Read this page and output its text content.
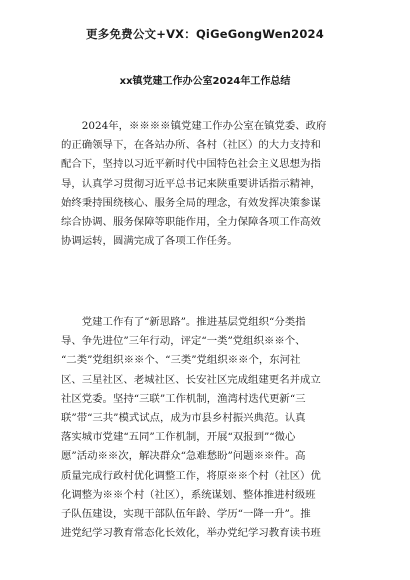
更多免费公文+VX：QiGeGongWen2024
xx镇党建工作办公室2024年工作总结
　　2024年，※※※※镇党建工作办公室在镇党委、政府
的正确领导下，在各站办所、各村（社区）的大力支持和
配合下，坚持以习近平新时代中国特色社会主义思想为指
导，认真学习贯彻习近平总书记来陕重要讲话指示精神，
始终秉持围绕核心、服务全局的理念，有效发挥决策参谋
综合协调、服务保障等职能作用，全力保障各项工作高效
协调运转，圆满完成了各项工作任务。
　　党建工作有了“新思路”。推进基层党组织“分类指
导、争先进位”三年行动，评定“一类”党组织※※个、
“二类”党组织※※个、“三类”党组织※※个，东河社
区、三星社区、老城社区、长安社区完成组建更名并成立
社区党委。坚持“三联”工作机制，渔湾村迭代更新“三
联”带“三共”模式试点，成为市县乡村振兴典范。认真
落实城市党建“五同”工作机制，开展“双报到”“微心
愿”活动※※次，解决群众“急难愁盼”问题※※件。高
质量完成行政村优化调整工作，将原※※个村（社区）优
化调整为※※个村（社区），系统谋划、整体推进村级班
子队伍建设，实现干部队伍年龄、学历“一降一升”。推
进党纪学习教育常态化长效化，举办党纪学习教育读书班
